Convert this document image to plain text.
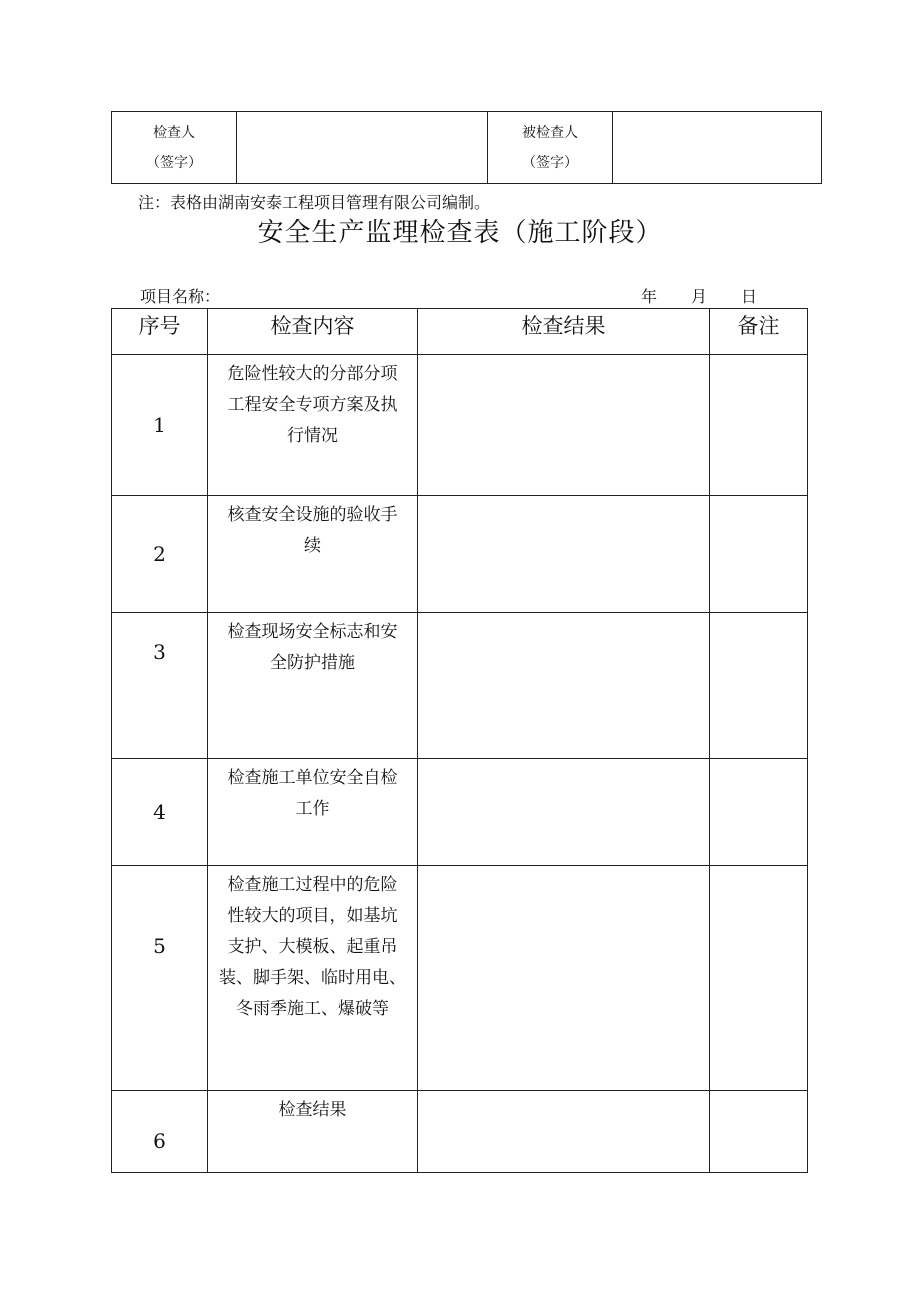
检查人
（签字）

被检查人
（签字）

注：表格由湖南安泰工程项目管理有限公司编制。
安全生产监理检查表（施工阶段）
项目名称：	年 月 日
序号	检查内容	检查结果	备注
1	危险性较大的分部分项
工程安全专项方案及执
行情况		

2	核查安全设施的验收手
续		

3	检查现场安全标志和安
全防护措施		

4	检查施工单位安全自检
工作		

5	检查施工过程中的危险
性较大的项目，如基坑
支护、大模板、起重吊
装、脚手架、临时用电、
冬雨季施工、爆破等		

6	检查结果		
